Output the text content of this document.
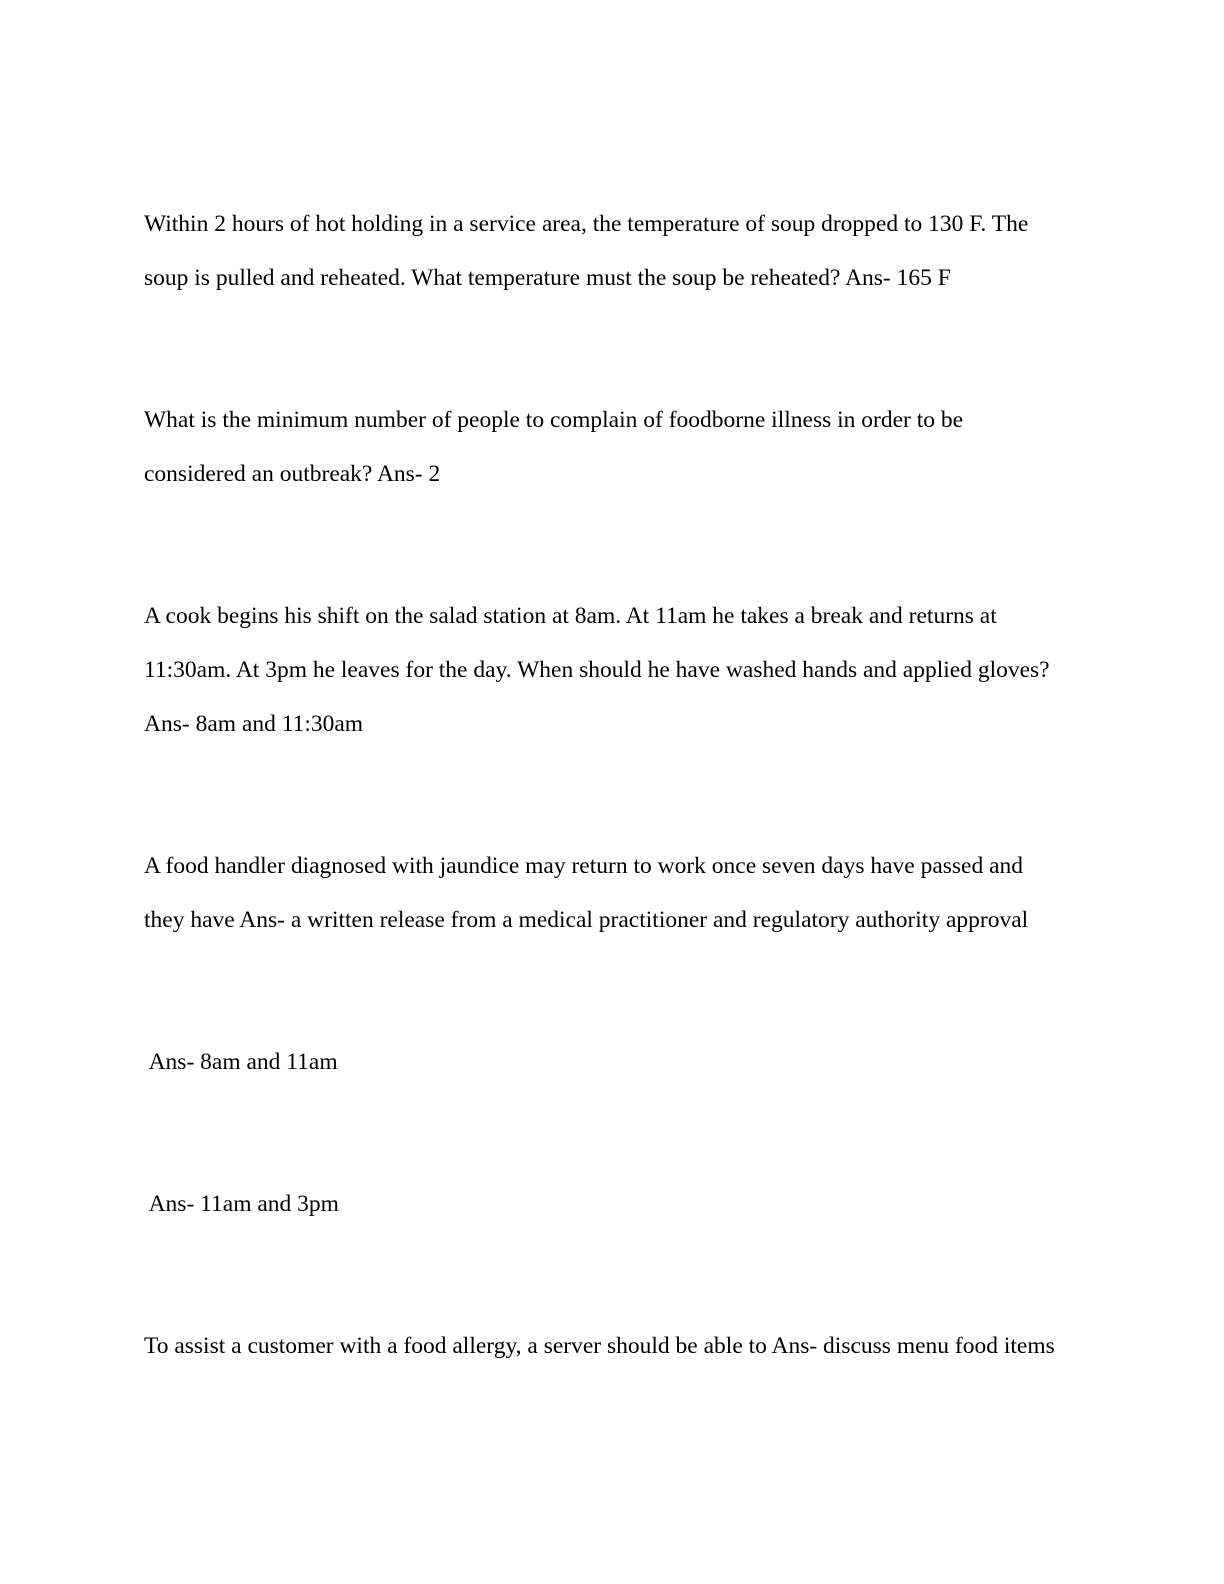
Within 2 hours of hot holding in a service area, the temperature of soup dropped to 130 F. The
soup is pulled and reheated. What temperature must the soup be reheated? Ans- 165 F
What is the minimum number of people to complain of foodborne illness in order to be
considered an outbreak? Ans- 2
A cook begins his shift on the salad station at 8am. At 11am he takes a break and returns at
11:30am. At 3pm he leaves for the day. When should he have washed hands and applied gloves?
Ans- 8am and 11:30am
A food handler diagnosed with jaundice may return to work once seven days have passed and
they have Ans- a written release from a medical practitioner and regulatory authority approval
Ans- 8am and 11am
Ans- 11am and 3pm
To assist a customer with a food allergy, a server should be able to Ans- discuss menu food items
